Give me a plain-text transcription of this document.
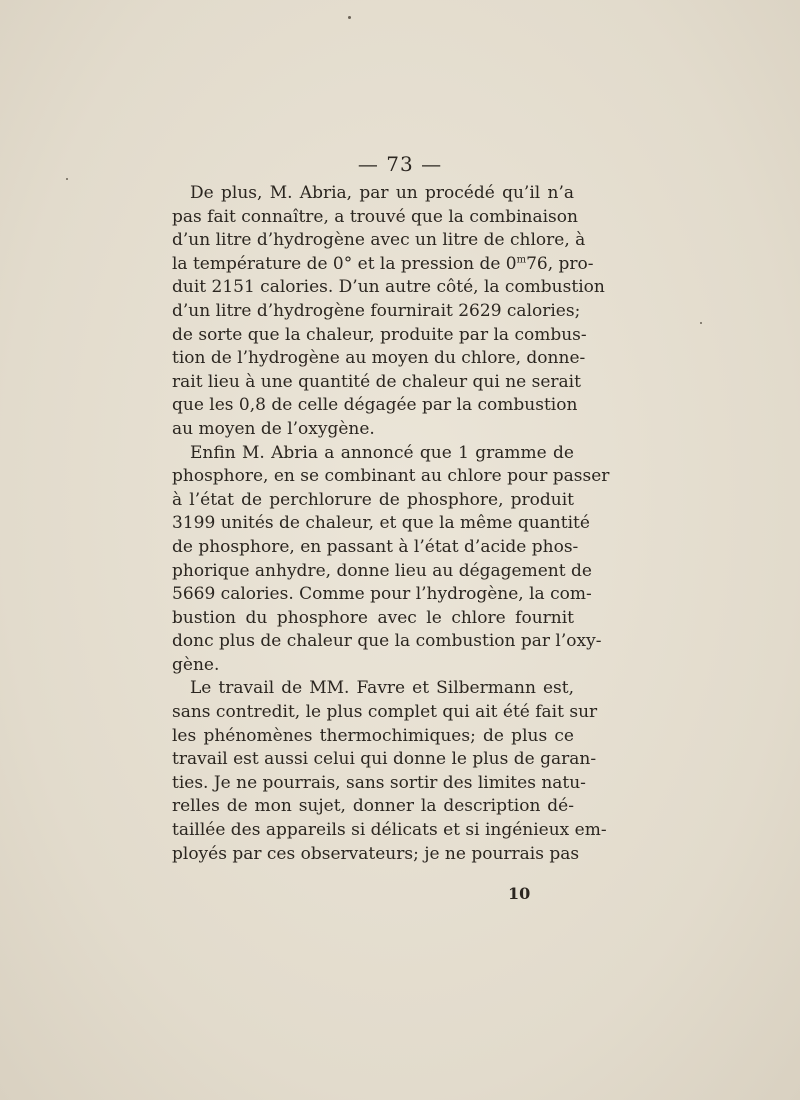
— 73 —
De plus, M. Abria, par un procédé qu’il n’a
pas fait connaître, a trouvé que la combinaison
d’un litre d’hydrogène avec un litre de chlore, à
la température de 0° et la pression de 0$^m$76, pro-
duit 2151 calories. D’un autre côté, la combustion
d’un litre d’hydrogène fournirait 2629 calories;
de sorte que la chaleur, produite par la combus-
tion de l’hydrogène au moyen du chlore, donne-
rait lieu à une quantité de chaleur qui ne serait
que les 0,8 de celle dégagée par la combustion
au moyen de l’oxygène.
Enfin M. Abria a annoncé que 1 gramme de
phosphore, en se combinant au chlore pour passer
à l’état de perchlorure de phosphore, produit
3199 unités de chaleur, et que la même quantité
de phosphore, en passant à l’état d’acide phos-
phorique anhydre, donne lieu au dégagement de
5669 calories. Comme pour l’hydrogène, la com-
bustion du phosphore avec le chlore fournit
donc plus de chaleur que la combustion par l’oxy-
gène.
Le travail de MM. Favre et Silbermann est,
sans contredit, le plus complet qui ait été fait sur
les phénomènes thermochimiques; de plus ce
travail est aussi celui qui donne le plus de garan-
ties. Je ne pourrais, sans sortir des limites natu-
relles de mon sujet, donner la description dé-
taillée des appareils si délicats et si ingénieux em-
ployés par ces observateurs; je ne pourrais pas
10
